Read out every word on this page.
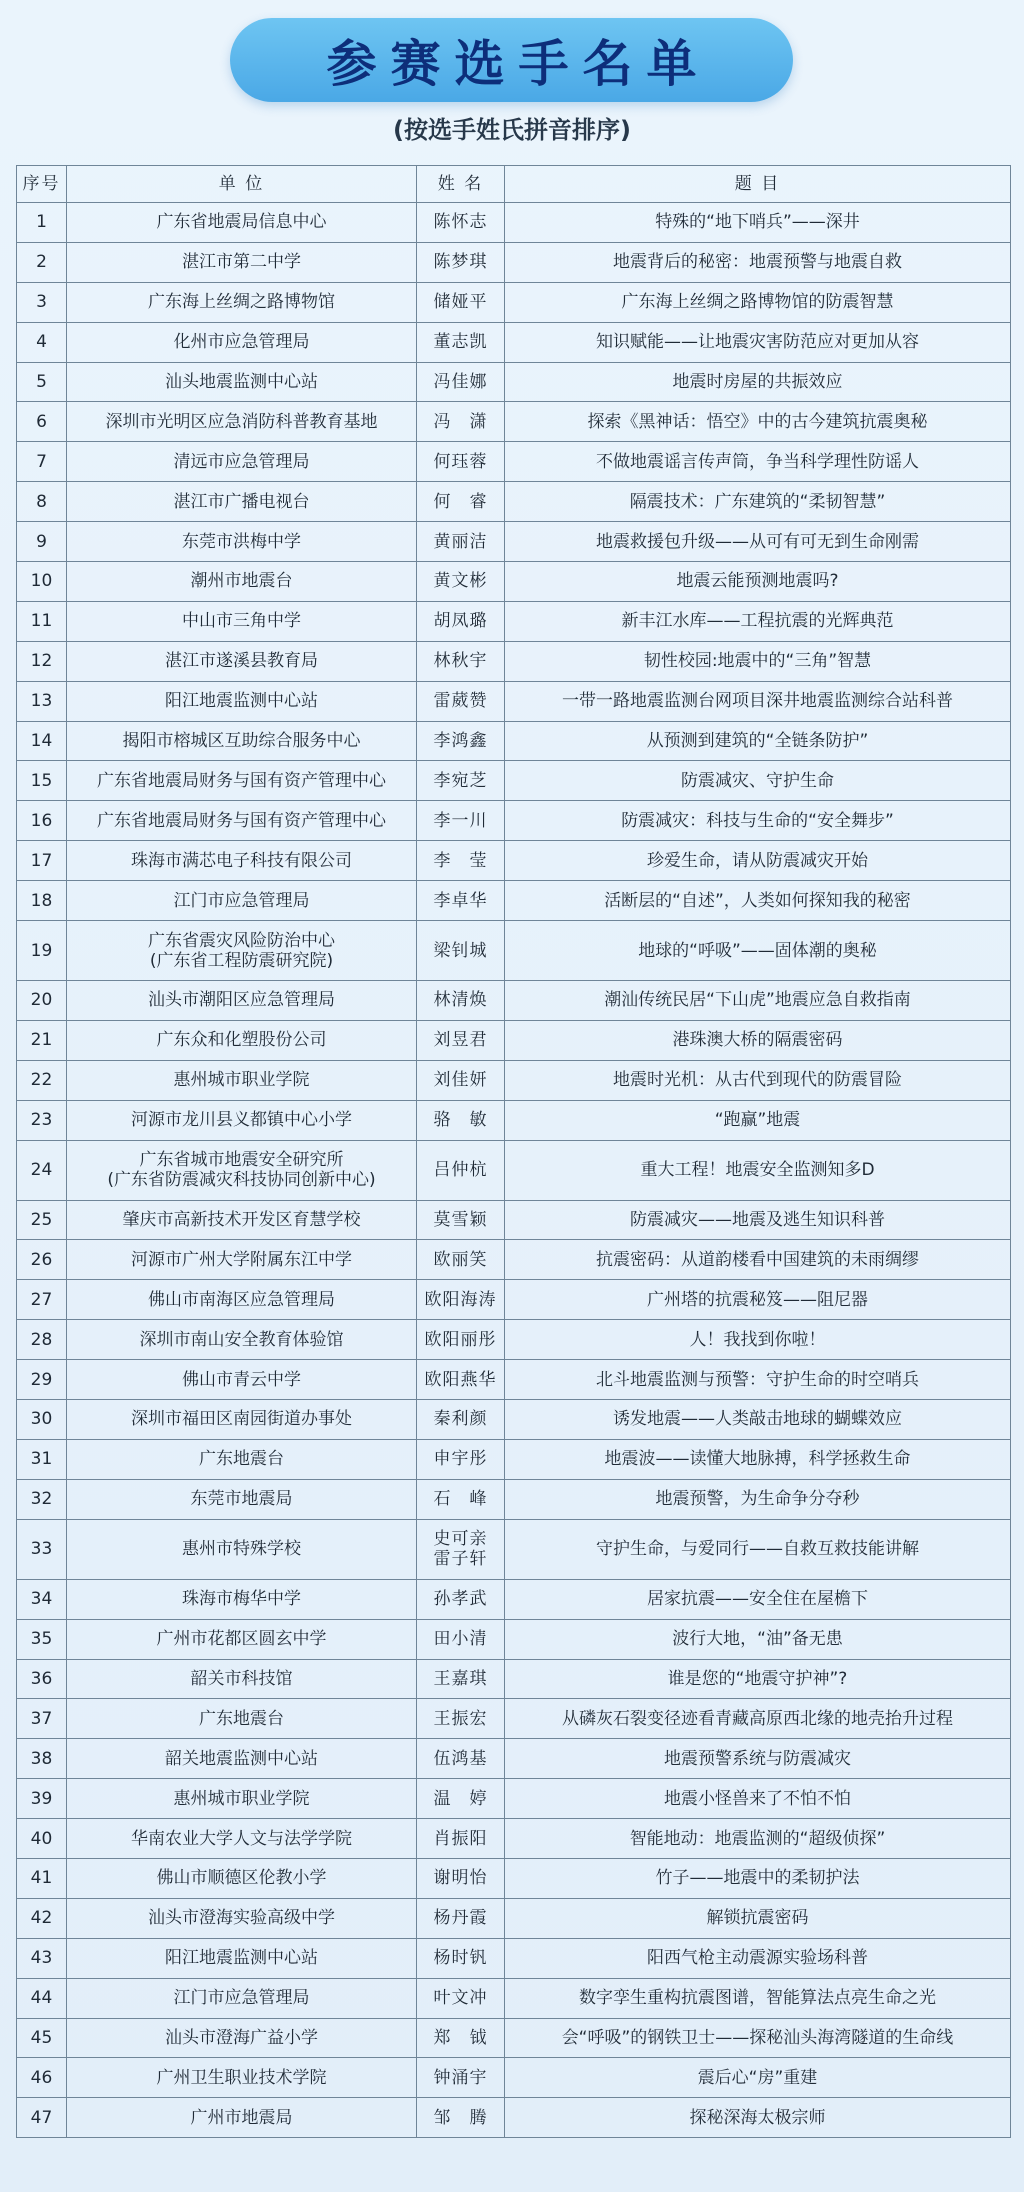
参赛选手名单
(按选手姓氏拼音排序)
序号	单 位	姓 名	题 目
1	广东省地震局信息中心	陈怀志	特殊的“地下哨兵”——深井
2	湛江市第二中学	陈梦琪	地震背后的秘密：地震预警与地震自救
3	广东海上丝绸之路博物馆	储娅平	广东海上丝绸之路博物馆的防震智慧
4	化州市应急管理局	董志凯	知识赋能——让地震灾害防范应对更加从容
5	汕头地震监测中心站	冯佳娜	地震时房屋的共振效应
6	深圳市光明区应急消防科普教育基地	冯　潇	探索《黑神话：悟空》中的古今建筑抗震奥秘
7	清远市应急管理局	何珏蓉	不做地震谣言传声筒，争当科学理性防谣人
8	湛江市广播电视台	何　睿	隔震技术：广东建筑的“柔韧智慧”
9	东莞市洪梅中学	黄丽洁	地震救援包升级——从可有可无到生命刚需
10	潮州市地震台	黄文彬	地震云能预测地震吗?
11	中山市三角中学	胡凤璐	新丰江水库——工程抗震的光辉典范
12	湛江市遂溪县教育局	林秋宇	韧性校园:地震中的“三角”智慧
13	阳江地震监测中心站	雷葳赞	一带一路地震监测台网项目深井地震监测综合站科普
14	揭阳市榕城区互助综合服务中心	李鸿鑫	从预测到建筑的“全链条防护”
15	广东省地震局财务与国有资产管理中心	李宛芝	防震减灾、守护生命
16	广东省地震局财务与国有资产管理中心	李一川	防震减灾：科技与生命的“安全舞步”
17	珠海市满芯电子科技有限公司	李　莹	珍爱生命，请从防震减灾开始
18	江门市应急管理局	李卓华	活断层的“自述”，人类如何探知我的秘密
19	广东省震灾风险防治中心
(广东省工程防震研究院)	梁钊城	地球的“呼吸”——固体潮的奥秘
20	汕头市潮阳区应急管理局	林清焕	潮汕传统民居“下山虎”地震应急自救指南
21	广东众和化塑股份公司	刘昱君	港珠澳大桥的隔震密码
22	惠州城市职业学院	刘佳妍	地震时光机：从古代到现代的防震冒险
23	河源市龙川县义都镇中心小学	骆　敏	“跑赢”地震
24	广东省城市地震安全研究所
(广东省防震减灾科技协同创新中心)	吕仲杭	重大工程！地震安全监测知多D
25	肇庆市高新技术开发区育慧学校	莫雪颖	防震减灾——地震及逃生知识科普
26	河源市广州大学附属东江中学	欧丽笑	抗震密码：从道韵楼看中国建筑的未雨绸缪
27	佛山市南海区应急管理局	欧阳海涛	广州塔的抗震秘笈——阻尼器
28	深圳市南山安全教育体验馆	欧阳丽彤	人！我找到你啦！
29	佛山市青云中学	欧阳燕华	北斗地震监测与预警：守护生命的时空哨兵
30	深圳市福田区南园街道办事处	秦利颜	诱发地震——人类敲击地球的蝴蝶效应
31	广东地震台	申宇彤	地震波——读懂大地脉搏，科学拯救生命
32	东莞市地震局	石　峰	地震预警，为生命争分夺秒
33	惠州市特殊学校	史可亲
雷子轩	守护生命，与爱同行——自救互救技能讲解
34	珠海市梅华中学	孙孝武	居家抗震——安全住在屋檐下
35	广州市花都区圆玄中学	田小清	波行大地，“油”备无患
36	韶关市科技馆	王嘉琪	谁是您的“地震守护神”?
37	广东地震台	王振宏	从磷灰石裂变径迹看青藏高原西北缘的地壳抬升过程
38	韶关地震监测中心站	伍鸿基	地震预警系统与防震减灾
39	惠州城市职业学院	温　婷	地震小怪兽来了不怕不怕
40	华南农业大学人文与法学学院	肖振阳	智能地动：地震监测的“超级侦探”
41	佛山市顺德区伦教小学	谢明怡	竹子——地震中的柔韧护法
42	汕头市澄海实验高级中学	杨丹霞	解锁抗震密码
43	阳江地震监测中心站	杨时钒	阳西气枪主动震源实验场科普
44	江门市应急管理局	叶文冲	数字孪生重构抗震图谱，智能算法点亮生命之光
45	汕头市澄海广益小学	郑　钺	会“呼吸”的钢铁卫士——探秘汕头海湾隧道的生命线
46	广州卫生职业技术学院	钟涌宇	震后心“房”重建
47	广州市地震局	邹　腾	探秘深海太极宗师
